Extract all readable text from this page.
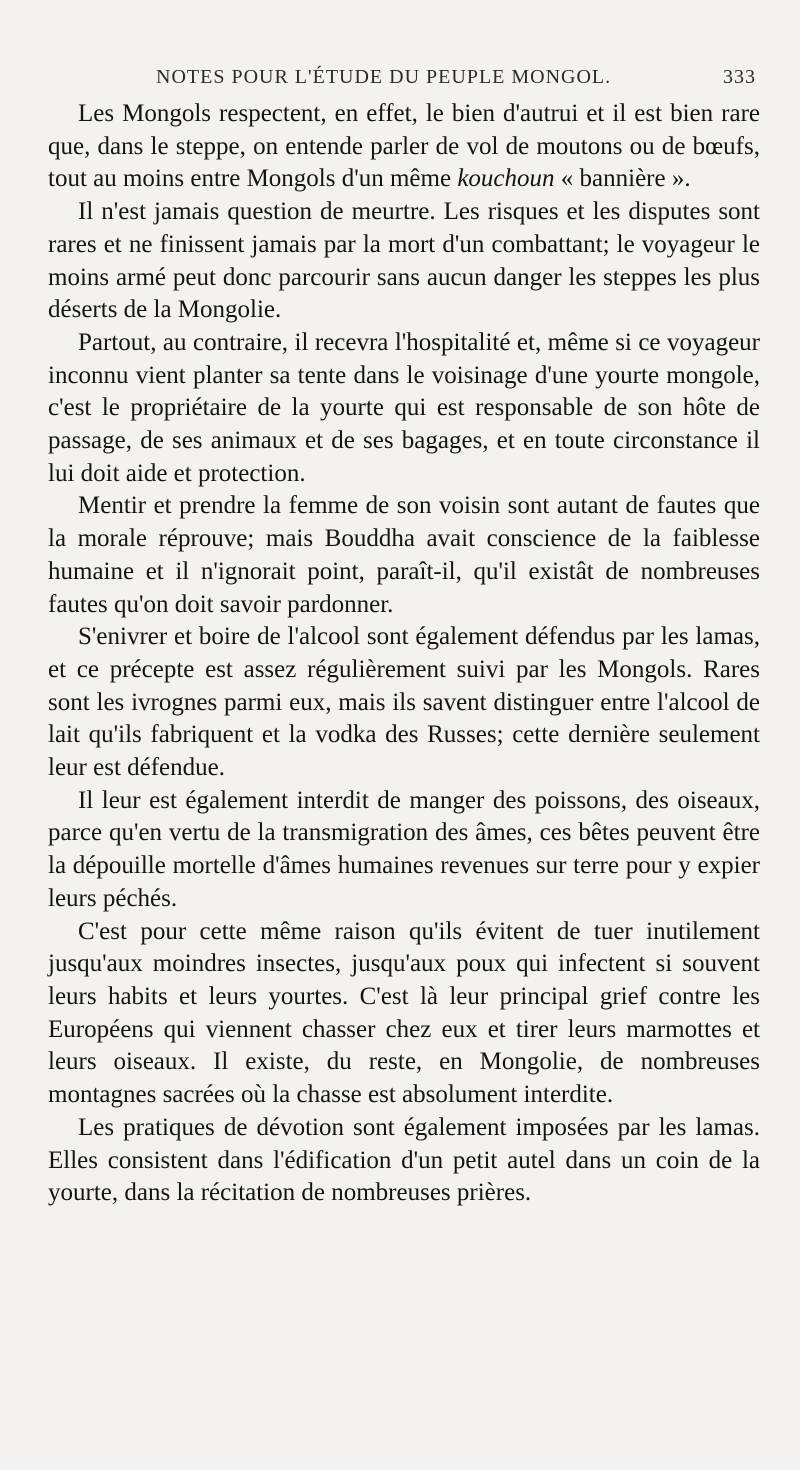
NOTES POUR L'ÉTUDE DU PEUPLE MONGOL.	333

Les Mongols respectent, en effet, le bien d'autrui et il est bien rare que, dans le steppe, on entende parler de vol de moutons ou de bœufs, tout au moins entre Mongols d'un même kouchoun « bannière ».

Il n'est jamais question de meurtre. Les risques et les disputes sont rares et ne finissent jamais par la mort d'un combattant; le voyageur le moins armé peut donc parcourir sans aucun danger les steppes les plus déserts de la Mongolie.

Partout, au contraire, il recevra l'hospitalité et, même si ce voyageur inconnu vient planter sa tente dans le voisinage d'une yourte mongole, c'est le propriétaire de la yourte qui est responsable de son hôte de passage, de ses animaux et de ses bagages, et en toute circonstance il lui doit aide et protection.

Mentir et prendre la femme de son voisin sont autant de fautes que la morale réprouve; mais Bouddha avait conscience de la faiblesse humaine et il n'ignorait point, paraît-il, qu'il existât de nombreuses fautes qu'on doit savoir pardonner.

S'enivrer et boire de l'alcool sont également défendus par les lamas, et ce précepte est assez régulièrement suivi par les Mongols. Rares sont les ivrognes parmi eux, mais ils savent distinguer entre l'alcool de lait qu'ils fabriquent et la vodka des Russes; cette dernière seulement leur est défendue.

Il leur est également interdit de manger des poissons, des oiseaux, parce qu'en vertu de la transmigration des âmes, ces bêtes peuvent être la dépouille mortelle d'âmes humaines revenues sur terre pour y expier leurs péchés.

C'est pour cette même raison qu'ils évitent de tuer inutilement jusqu'aux moindres insectes, jusqu'aux poux qui infectent si souvent leurs habits et leurs yourtes. C'est là leur principal grief contre les Européens qui viennent chasser chez eux et tirer leurs marmottes et leurs oiseaux. Il existe, du reste, en Mongolie, de nombreuses montagnes sacrées où la chasse est absolument interdite.

Les pratiques de dévotion sont également imposées par les lamas. Elles consistent dans l'édification d'un petit autel dans un coin de la yourte, dans la récitation de nombreuses prières.
